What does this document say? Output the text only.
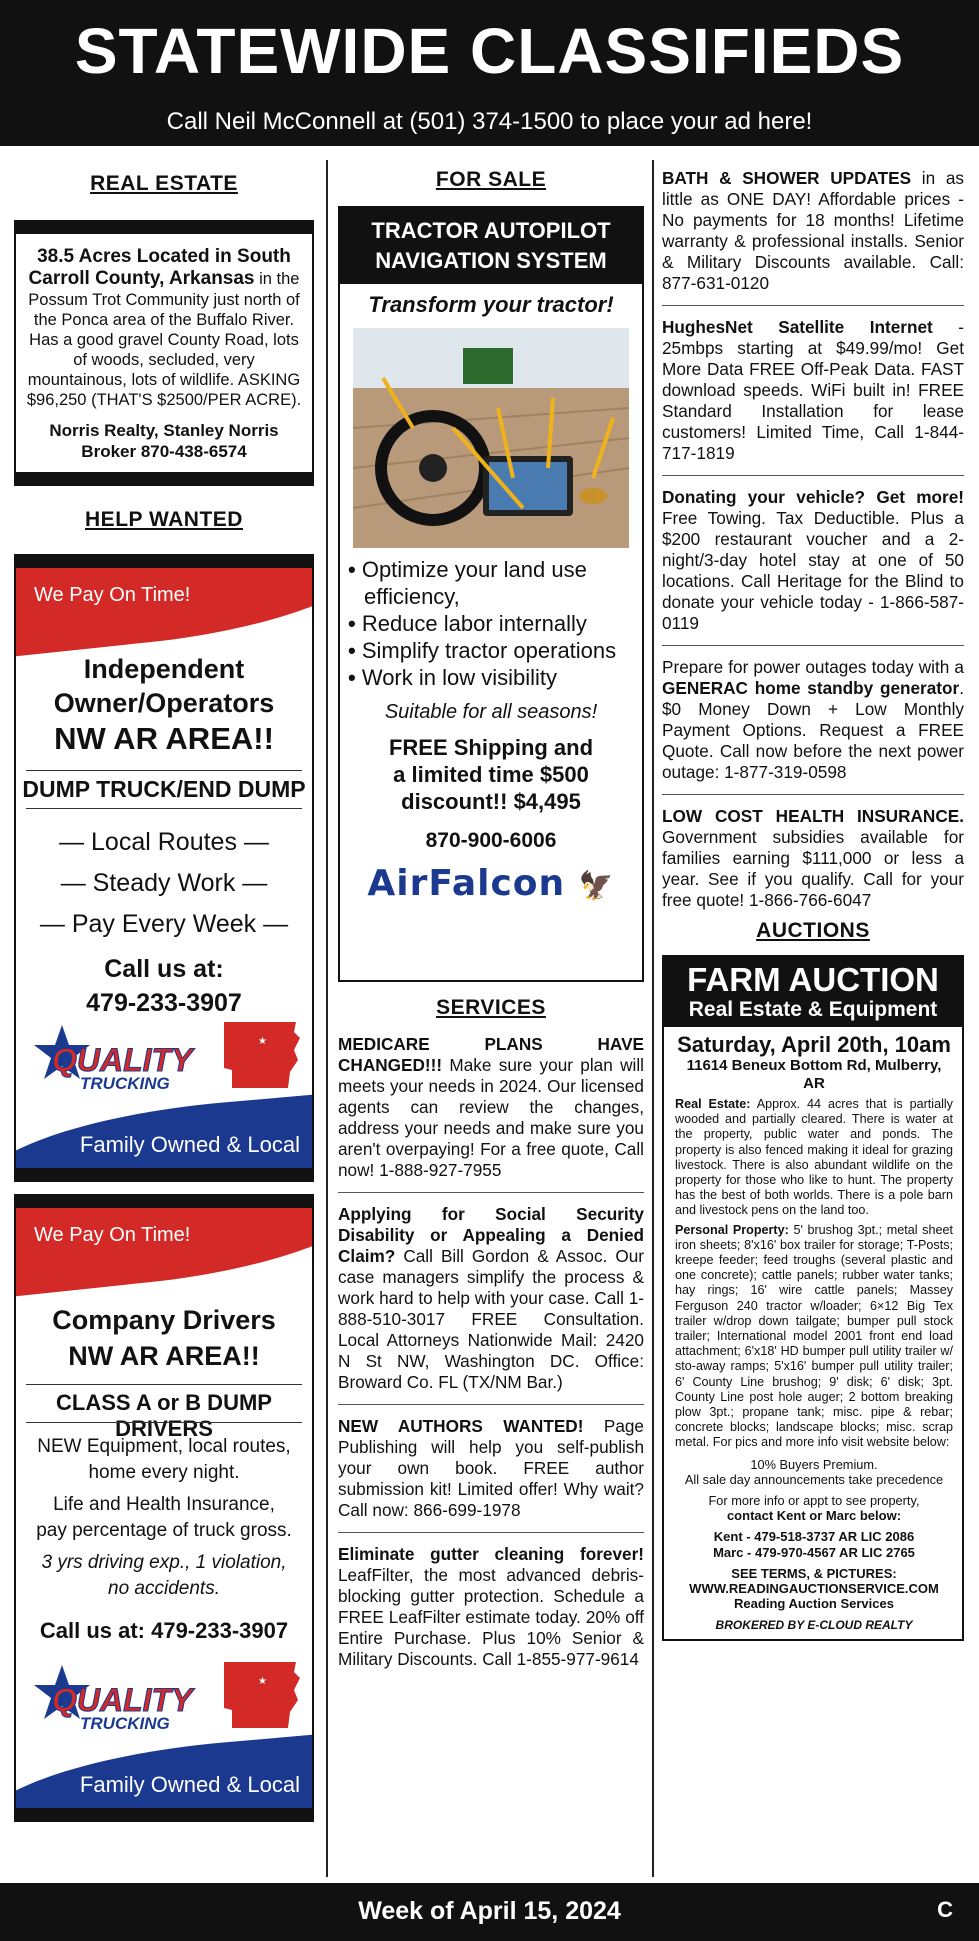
STATEWIDE CLASSIFIEDS
Call Neil McConnell at (501) 374-1500 to place your ad here!
REAL ESTATE
38.5 Acres Located in South Carroll County, Arkansas in the Possum Trot Community just north of the Ponca area of the Buffalo River. Has a good gravel County Road, lots of woods, secluded, very mountainous, lots of wildlife. ASKING $96,250 (THAT'S $2500/PER ACRE).
Norris Realty, Stanley Norris
Broker 870-438-6574
HELP WANTED
We Pay On Time!
Independent
Owner/Operators
NW AR AREA!!
DUMP TRUCK/END DUMP
— Local Routes —
— Steady Work —
— Pay Every Week —
Call us at:
479-233-3907
QUALITY
TRUCKING
★
Family Owned & Local
We Pay On Time!
Company Drivers
NW AR AREA!!
CLASS A or B DUMP DRIVERS
NEW Equipment, local routes,
home every night.
Life and Health Insurance,
pay percentage of truck gross.
3 yrs driving exp., 1 violation,
no accidents.
Call us at: 479-233-3907
QUALITY
TRUCKING
★
Family Owned & Local
FOR SALE
TRACTOR AUTOPILOT
NAVIGATION SYSTEM
Transform your tractor!
• Optimize your land use efficiency,
• Reduce labor internally
• Simplify tractor operations
• Work in low visibility
Suitable for all seasons!
FREE Shipping and
a limited time $500
discount!! $4,495
870-900-6006
AirFalcon 🦅
SERVICES
MEDICARE PLANS HAVE CHANGED!!! Make sure your plan will meets your needs in 2024. Our licensed agents can review the changes, address your needs and make sure you aren't overpaying! For a free quote, Call now! 1-888-927-7955
Applying for Social Security Disability or Appealing a Denied Claim? Call Bill Gordon & Assoc. Our case managers simplify the process & work hard to help with your case. Call 1-888-510-3017 FREE Consultation. Local Attorneys Nationwide Mail: 2420 N St NW, Washington DC. Office: Broward Co. FL (TX/NM Bar.)
NEW AUTHORS WANTED! Page Publishing will help you self-publish your own book. FREE author submission kit! Limited offer! Why wait? Call now: 866-699-1978
Eliminate gutter cleaning forever! LeafFilter, the most advanced debris-blocking gutter protection. Schedule a FREE LeafFilter estimate today. 20% off Entire Purchase. Plus 10% Senior & Military Discounts. Call 1-855-977-9614
BATH & SHOWER UPDATES in as little as ONE DAY! Affordable prices - No payments for 18 months! Lifetime warranty & professional installs. Senior & Military Discounts available. Call: 877-631-0120
HughesNet Satellite Internet - 25mbps starting at $49.99/mo! Get More Data FREE Off-Peak Data. FAST download speeds. WiFi built in! FREE Standard Installation for lease customers! Limited Time, Call 1-844-717-1819
Donating your vehicle? Get more! Free Towing. Tax Deductible. Plus a $200 restaurant voucher and a 2-night/3-day hotel stay at one of 50 locations. Call Heritage for the Blind to donate your vehicle today - 1-866-587-0119
Prepare for power outages today with a GENERAC home standby generator. $0 Money Down + Low Monthly Payment Options. Request a FREE Quote. Call now before the next power outage: 1-877-319-0598
LOW COST HEALTH INSURANCE. Government subsidies available for families earning $111,000 or less a year. See if you qualify. Call for your free quote! 1-866-766-6047
AUCTIONS
FARM AUCTION
Real Estate & Equipment
Saturday, April 20th, 10am
11614 Beneux Bottom Rd, Mulberry, AR
Real Estate: Approx. 44 acres that is partially wooded and partially cleared. There is water at the property, public water and ponds. The property is also fenced making it ideal for grazing livestock. There is also abundant wildlife on the property for those who like to hunt. The property has the best of both worlds. There is a pole barn and livestock pens on the land too.
Personal Property: 5' brushog 3pt.; metal sheet iron sheets; 8'x16' box trailer for storage; T-Posts; kreepe feeder; feed troughs (several plastic and one concrete); cattle panels; rubber water tanks; hay rings; 16' wire cattle panels; Massey Ferguson 240 tractor w/loader; 6×12 Big Tex trailer w/drop down tailgate; bumper pull stock trailer; International model 2001 front end load attachment; 6'x18' HD bumper pull utility trailer w/ sto-away ramps; 5'x16' bumper pull utility trailer; 6' County Line brushog; 9' disk; 6' disk; 3pt. County Line post hole auger; 2 bottom breaking plow 3pt.; propane tank; misc. pipe & rebar; concrete blocks; landscape blocks; misc. scrap metal. For pics and more info visit website below:
10% Buyers Premium.
All sale day announcements take precedence
For more info or appt to see property,
contact Kent or Marc below:
Kent - 479-518-3737 AR LIC 2086
Marc - 479-970-4567 AR LIC 2765
SEE TERMS, & PICTURES:
WWW.READINGAUCTIONSERVICE.COM
Reading Auction Services
BROKERED BY E-CLOUD REALTY
Week of April 15, 2024	C
